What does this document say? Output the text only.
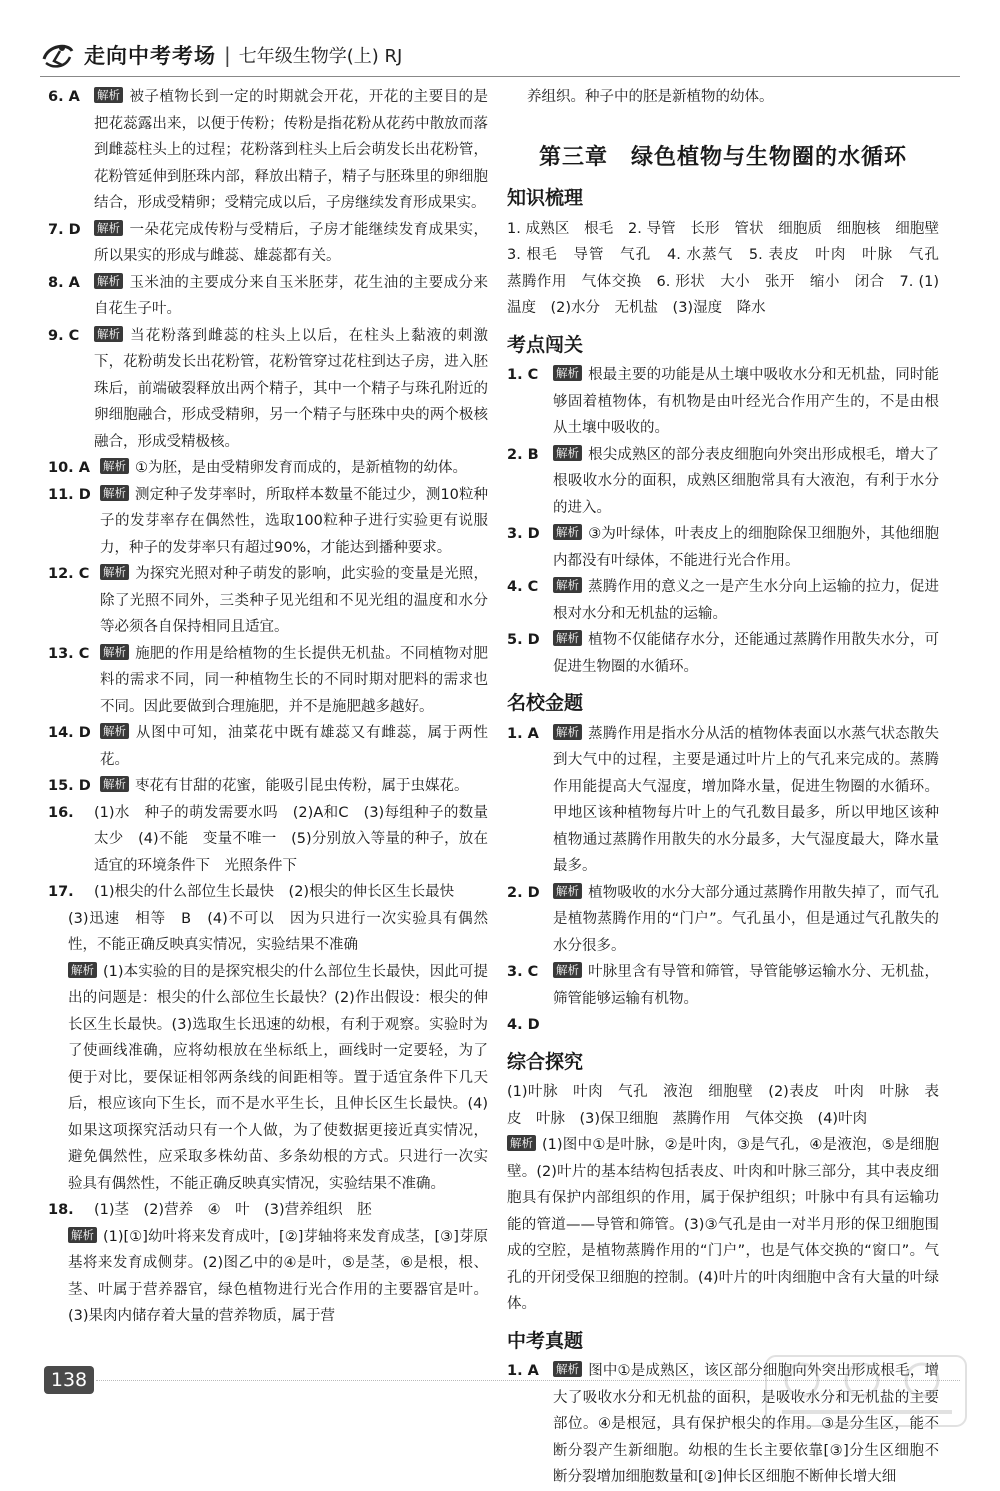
走向中考考场 | 七年级生物学(上) RJ
6. A	解析 被子植物长到一定的时期就会开花，开花的主要目的是把花蕊露出来，以便于传粉；传粉是指花粉从花药中散放而落到雌蕊柱头上的过程；花粉落到柱头上后会萌发长出花粉管，花粉管延伸到胚珠内部，释放出精子，精子与胚珠里的卵细胞结合，形成受精卵；受精完成以后，子房继续发育形成果实。
7. D	解析 一朵花完成传粉与受精后，子房才能继续发育成果实，所以果实的形成与雌蕊、雄蕊都有关。
8. A	解析 玉米油的主要成分来自玉米胚芽，花生油的主要成分来自花生子叶。
9. C	解析 当花粉落到雌蕊的柱头上以后，在柱头上黏液的刺激下，花粉萌发长出花粉管，花粉管穿过花柱到达子房，进入胚珠后，前端破裂释放出两个精子，其中一个精子与珠孔附近的卵细胞融合，形成受精卵，另一个精子与胚珠中央的两个极核融合，形成受精极核。
10. A	解析 ①为胚，是由受精卵发育而成的，是新植物的幼体。
11. D	解析 测定种子发芽率时，所取样本数量不能过少，测10粒种子的发芽率存在偶然性，选取100粒种子进行实验更有说服力，种子的发芽率只有超过90%，才能达到播种要求。
12. C	解析 为探究光照对种子萌发的影响，此实验的变量是光照，除了光照不同外，三类种子见光组和不见光组的温度和水分等必须各自保持相同且适宜。
13. C	解析 施肥的作用是给植物的生长提供无机盐。不同植物对肥料的需求不同，同一种植物生长的不同时期对肥料的需求也不同。因此要做到合理施肥，并不是施肥越多越好。
14. D	解析 从图中可知，油菜花中既有雄蕊又有雌蕊，属于两性花。
15. D	解析 枣花有甘甜的花蜜，能吸引昆虫传粉，属于虫媒花。
16.	(1)水　种子的萌发需要水吗　(2)A和C　(3)每组种子的数量太少　(4)不能　变量不唯一　(5)分别放入等量的种子，放在适宜的环境条件下　光照条件下
17.	(1)根尖的什么部位生长最快　(2)根尖的伸长区生长最快
(3)迅速　相等　B　(4)不可以　因为只进行一次实验具有偶然性，不能正确反映真实情况，实验结果不准确
解析 (1)本实验的目的是探究根尖的什么部位生长最快，因此可提出的问题是：根尖的什么部位生长最快？(2)作出假设：根尖的伸长区生长最快。(3)选取生长迅速的幼根，有利于观察。实验时为了使画线准确，应将幼根放在坐标纸上，画线时一定要轻，为了便于对比，要保证相邻两条线的间距相等。置于适宜条件下几天后，根应该向下生长，而不是水平生长，且伸长区生长最快。(4)如果这项探究活动只有一个人做，为了使数据更接近真实情况，避免偶然性，应采取多株幼苗、多条幼根的方式。只进行一次实验具有偶然性，不能正确反映真实情况，实验结果不准确。
18.	(1)茎　(2)营养　④　叶　(3)营养组织　胚
解析 (1)[①]幼叶将来发育成叶，[②]芽轴将来发育成茎，[③]芽原基将来发育成侧芽。(2)图乙中的④是叶，⑤是茎，⑥是根，根、茎、叶属于营养器官，绿色植物进行光合作用的主要器官是叶。(3)果肉内储存着大量的营养物质，属于营
养组织。种子中的胚是新植物的幼体。
第三章　绿色植物与生物圈的水循环
知识梳理
1. 成熟区　根毛　2. 导管　长形　管状　细胞质　细胞核　细胞壁　3. 根毛　导管　气孔　4. 水蒸气　5. 表皮　叶肉　叶脉　气孔　蒸腾作用　气体交换　6. 形状　大小　张开　缩小　闭合　7. (1)温度　(2)水分　无机盐　(3)湿度　降水
考点闯关
1. C	解析 根最主要的功能是从土壤中吸收水分和无机盐，同时能够固着植物体，有机物是由叶经光合作用产生的，不是由根从土壤中吸收的。
2. B	解析 根尖成熟区的部分表皮细胞向外突出形成根毛，增大了根吸收水分的面积，成熟区细胞常具有大液泡，有利于水分的进入。
3. D	解析 ③为叶绿体，叶表皮上的细胞除保卫细胞外，其他细胞内都没有叶绿体，不能进行光合作用。
4. C	解析 蒸腾作用的意义之一是产生水分向上运输的拉力，促进根对水分和无机盐的运输。
5. D	解析 植物不仅能储存水分，还能通过蒸腾作用散失水分，可促进生物圈的水循环。
名校金题
1. A	解析 蒸腾作用是指水分从活的植物体表面以水蒸气状态散失到大气中的过程，主要是通过叶片上的气孔来完成的。蒸腾作用能提高大气湿度，增加降水量，促进生物圈的水循环。甲地区该种植物每片叶上的气孔数目最多，所以甲地区该种植物通过蒸腾作用散失的水分最多，大气湿度最大，降水量最多。
2. D	解析 植物吸收的水分大部分通过蒸腾作用散失掉了，而气孔是植物蒸腾作用的“门户”。气孔虽小，但是通过气孔散失的水分很多。
3. C	解析 叶脉里含有导管和筛管，导管能够运输水分、无机盐，筛管能够运输有机物。
4. D
综合探究
(1)叶脉　叶肉　气孔　液泡　细胞壁　(2)表皮　叶肉　叶脉　表皮　叶脉　(3)保卫细胞　蒸腾作用　气体交换　(4)叶肉
解析 (1)图中①是叶脉，②是叶肉，③是气孔，④是液泡，⑤是细胞壁。(2)叶片的基本结构包括表皮、叶肉和叶脉三部分，其中表皮细胞具有保护内部组织的作用，属于保护组织；叶脉中有具有运输功能的管道——导管和筛管。(3)③气孔是由一对半月形的保卫细胞围成的空腔，是植物蒸腾作用的“门户”，也是气体交换的“窗口”。气孔的开闭受保卫细胞的控制。(4)叶片的叶肉细胞中含有大量的叶绿体。
中考真题
1. A	解析 图中①是成熟区，该区部分细胞向外突出形成根毛，增大了吸收水分和无机盐的面积，是吸收水分和无机盐的主要部位。④是根冠，具有保护根尖的作用。③是分生区，能不断分裂产生新细胞。幼根的生长主要依靠[③]分生区细胞不断分裂增加细胞数量和[②]伸长区细胞不断伸长增大细
138
